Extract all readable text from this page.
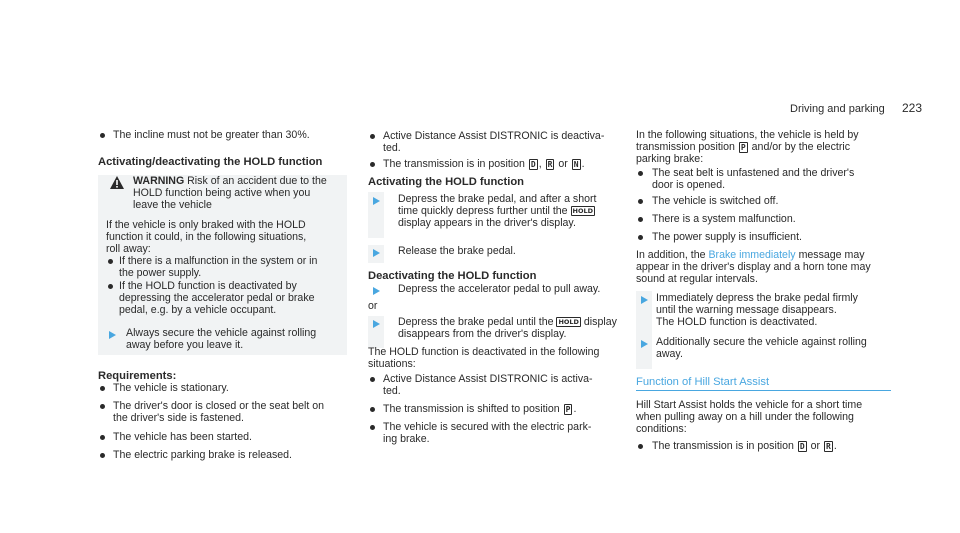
Driving and parking 223
The incline must not be greater than 30%.
Activating/deactivating the HOLD function
WARNING Risk of an accident due to the
HOLD function being active when you
leave the vehicle
If the vehicle is only braked with the HOLD
function it could, in the following situations,
roll away:
If there is a malfunction in the system or in
the power supply.
If the HOLD function is deactivated by
depressing the accelerator pedal or brake
pedal, e.g. by a vehicle occupant.
Always secure the vehicle against rolling
away before you leave it.
Requirements:
The vehicle is stationary.
The driver's door is closed or the seat belt on
the driver's side is fastened.
The vehicle has been started.
The electric parking brake is released.
Active Distance Assist DISTRONIC is deactiva-
ted.
The transmission is in position D , R or N .
Activating the HOLD function
Depress the brake pedal, and after a short
time quickly depress further until the HOLD
display appears in the driver's display.
Release the brake pedal.
Deactivating the HOLD function
Depress the accelerator pedal to pull away.
or
Depress the brake pedal until the HOLD display
disappears from the driver's display.
The HOLD function is deactivated in the following
situations:
Active Distance Assist DISTRONIC is activa-
ted.
The transmission is shifted to position P .
The vehicle is secured with the electric park-
ing brake.
In the following situations, the vehicle is held by
transmission position P and/or by the electric
parking brake:
The seat belt is unfastened and the driver's
door is opened.
The vehicle is switched off.
There is a system malfunction.
The power supply is insufficient.
In addition, the Brake immediately message may
appear in the driver's display and a horn tone may
sound at regular intervals.
Immediately depress the brake pedal firmly
until the warning message disappears.
The HOLD function is deactivated.
Additionally secure the vehicle against rolling
away.
Function of Hill Start Assist
Hill Start Assist holds the vehicle for a short time
when pulling away on a hill under the following
conditions:
The transmission is in position D or R .
